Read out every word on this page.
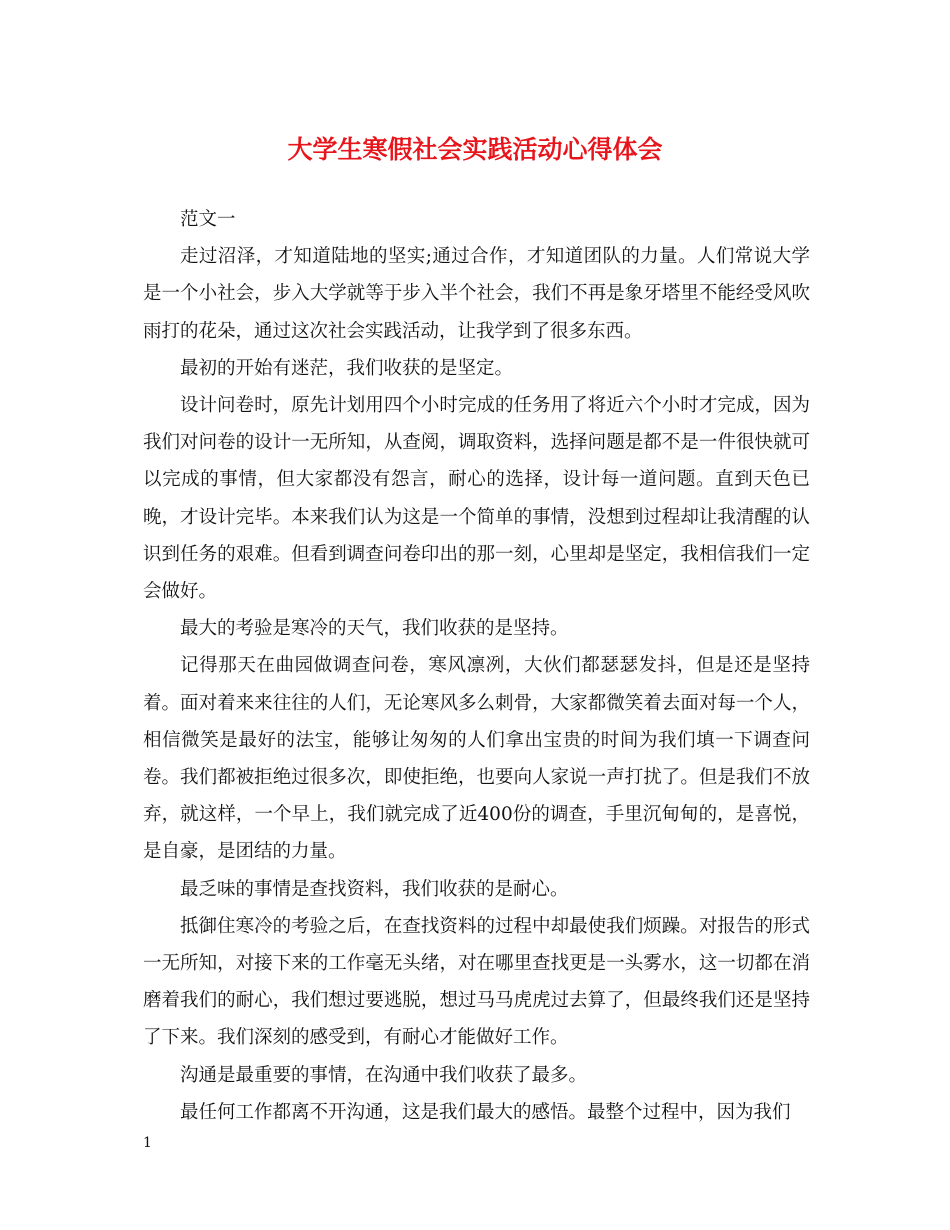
大学生寒假社会实践活动心得体会

范文一

走过沼泽，才知道陆地的坚实;通过合作，才知道团队的力量。人们常说大学是一个小社会，步入大学就等于步入半个社会，我们不再是象牙塔里不能经受风吹雨打的花朵，通过这次社会实践活动，让我学到了很多东西。

最初的开始有迷茫，我们收获的是坚定。

设计问卷时，原先计划用四个小时完成的任务用了将近六个小时才完成，因为我们对问卷的设计一无所知，从查阅，调取资料，选择问题是都不是一件很快就可以完成的事情，但大家都没有怨言，耐心的选择，设计每一道问题。直到天色已晚，才设计完毕。本来我们认为这是一个简单的事情，没想到过程却让我清醒的认识到任务的艰难。但看到调查问卷印出的那一刻，心里却是坚定，我相信我们一定会做好。

最大的考验是寒冷的天气，我们收获的是坚持。

记得那天在曲园做调查问卷，寒风凛冽，大伙们都瑟瑟发抖，但是还是坚持着。面对着来来往往的人们，无论寒风多么刺骨，大家都微笑着去面对每一个人，相信微笑是最好的法宝，能够让匆匆的人们拿出宝贵的时间为我们填一下调查问卷。我们都被拒绝过很多次，即使拒绝，也要向人家说一声打扰了。但是我们不放弃，就这样，一个早上，我们就完成了近400份的调查，手里沉甸甸的，是喜悦，是自豪，是团结的力量。

最乏味的事情是查找资料，我们收获的是耐心。

抵御住寒冷的考验之后，在查找资料的过程中却最使我们烦躁。对报告的形式一无所知，对接下来的工作毫无头绪，对在哪里查找更是一头雾水，这一切都在消磨着我们的耐心，我们想过要逃脱，想过马马虎虎过去算了，但最终我们还是坚持了下来。我们深刻的感受到，有耐心才能做好工作。

沟通是最重要的事情，在沟通中我们收获了最多。

最任何工作都离不开沟通，这是我们最大的感悟。最整个过程中，因为我们

1
